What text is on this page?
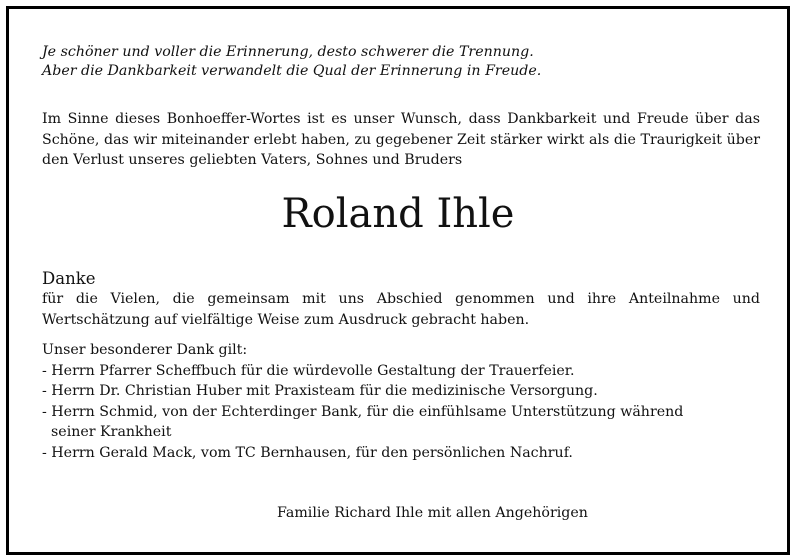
Je schöner und voller die Erinnerung, desto schwerer die Trennung.
Aber die Dankbarkeit verwandelt die Qual der Erinnerung in Freude.
Im Sinne dieses Bonhoeffer-Wortes ist es unser Wunsch, dass Dankbarkeit und Freude über das Schöne, das wir miteinander erlebt haben, zu gegebener Zeit stärker wirkt als die Traurigkeit über den Verlust unseres geliebten Vaters, Sohnes und Bruders
Roland Ihle
Danke
für die Vielen, die gemeinsam mit uns Abschied genommen und ihre Anteilnahme und Wertschätzung auf vielfältige Weise zum Ausdruck gebracht haben.
Unser besonderer Dank gilt:
- Herrn Pfarrer Scheffbuch für die würdevolle Gestaltung der Trauerfeier.
- Herrn Dr. Christian Huber mit Praxisteam für die medizinische Versorgung.
- Herrn Schmid, von der Echterdinger Bank, für die einfühlsame Unterstützung während
seiner Krankheit
- Herrn Gerald Mack, vom TC Bernhausen, für den persönlichen Nachruf.
Familie Richard Ihle mit allen Angehörigen
